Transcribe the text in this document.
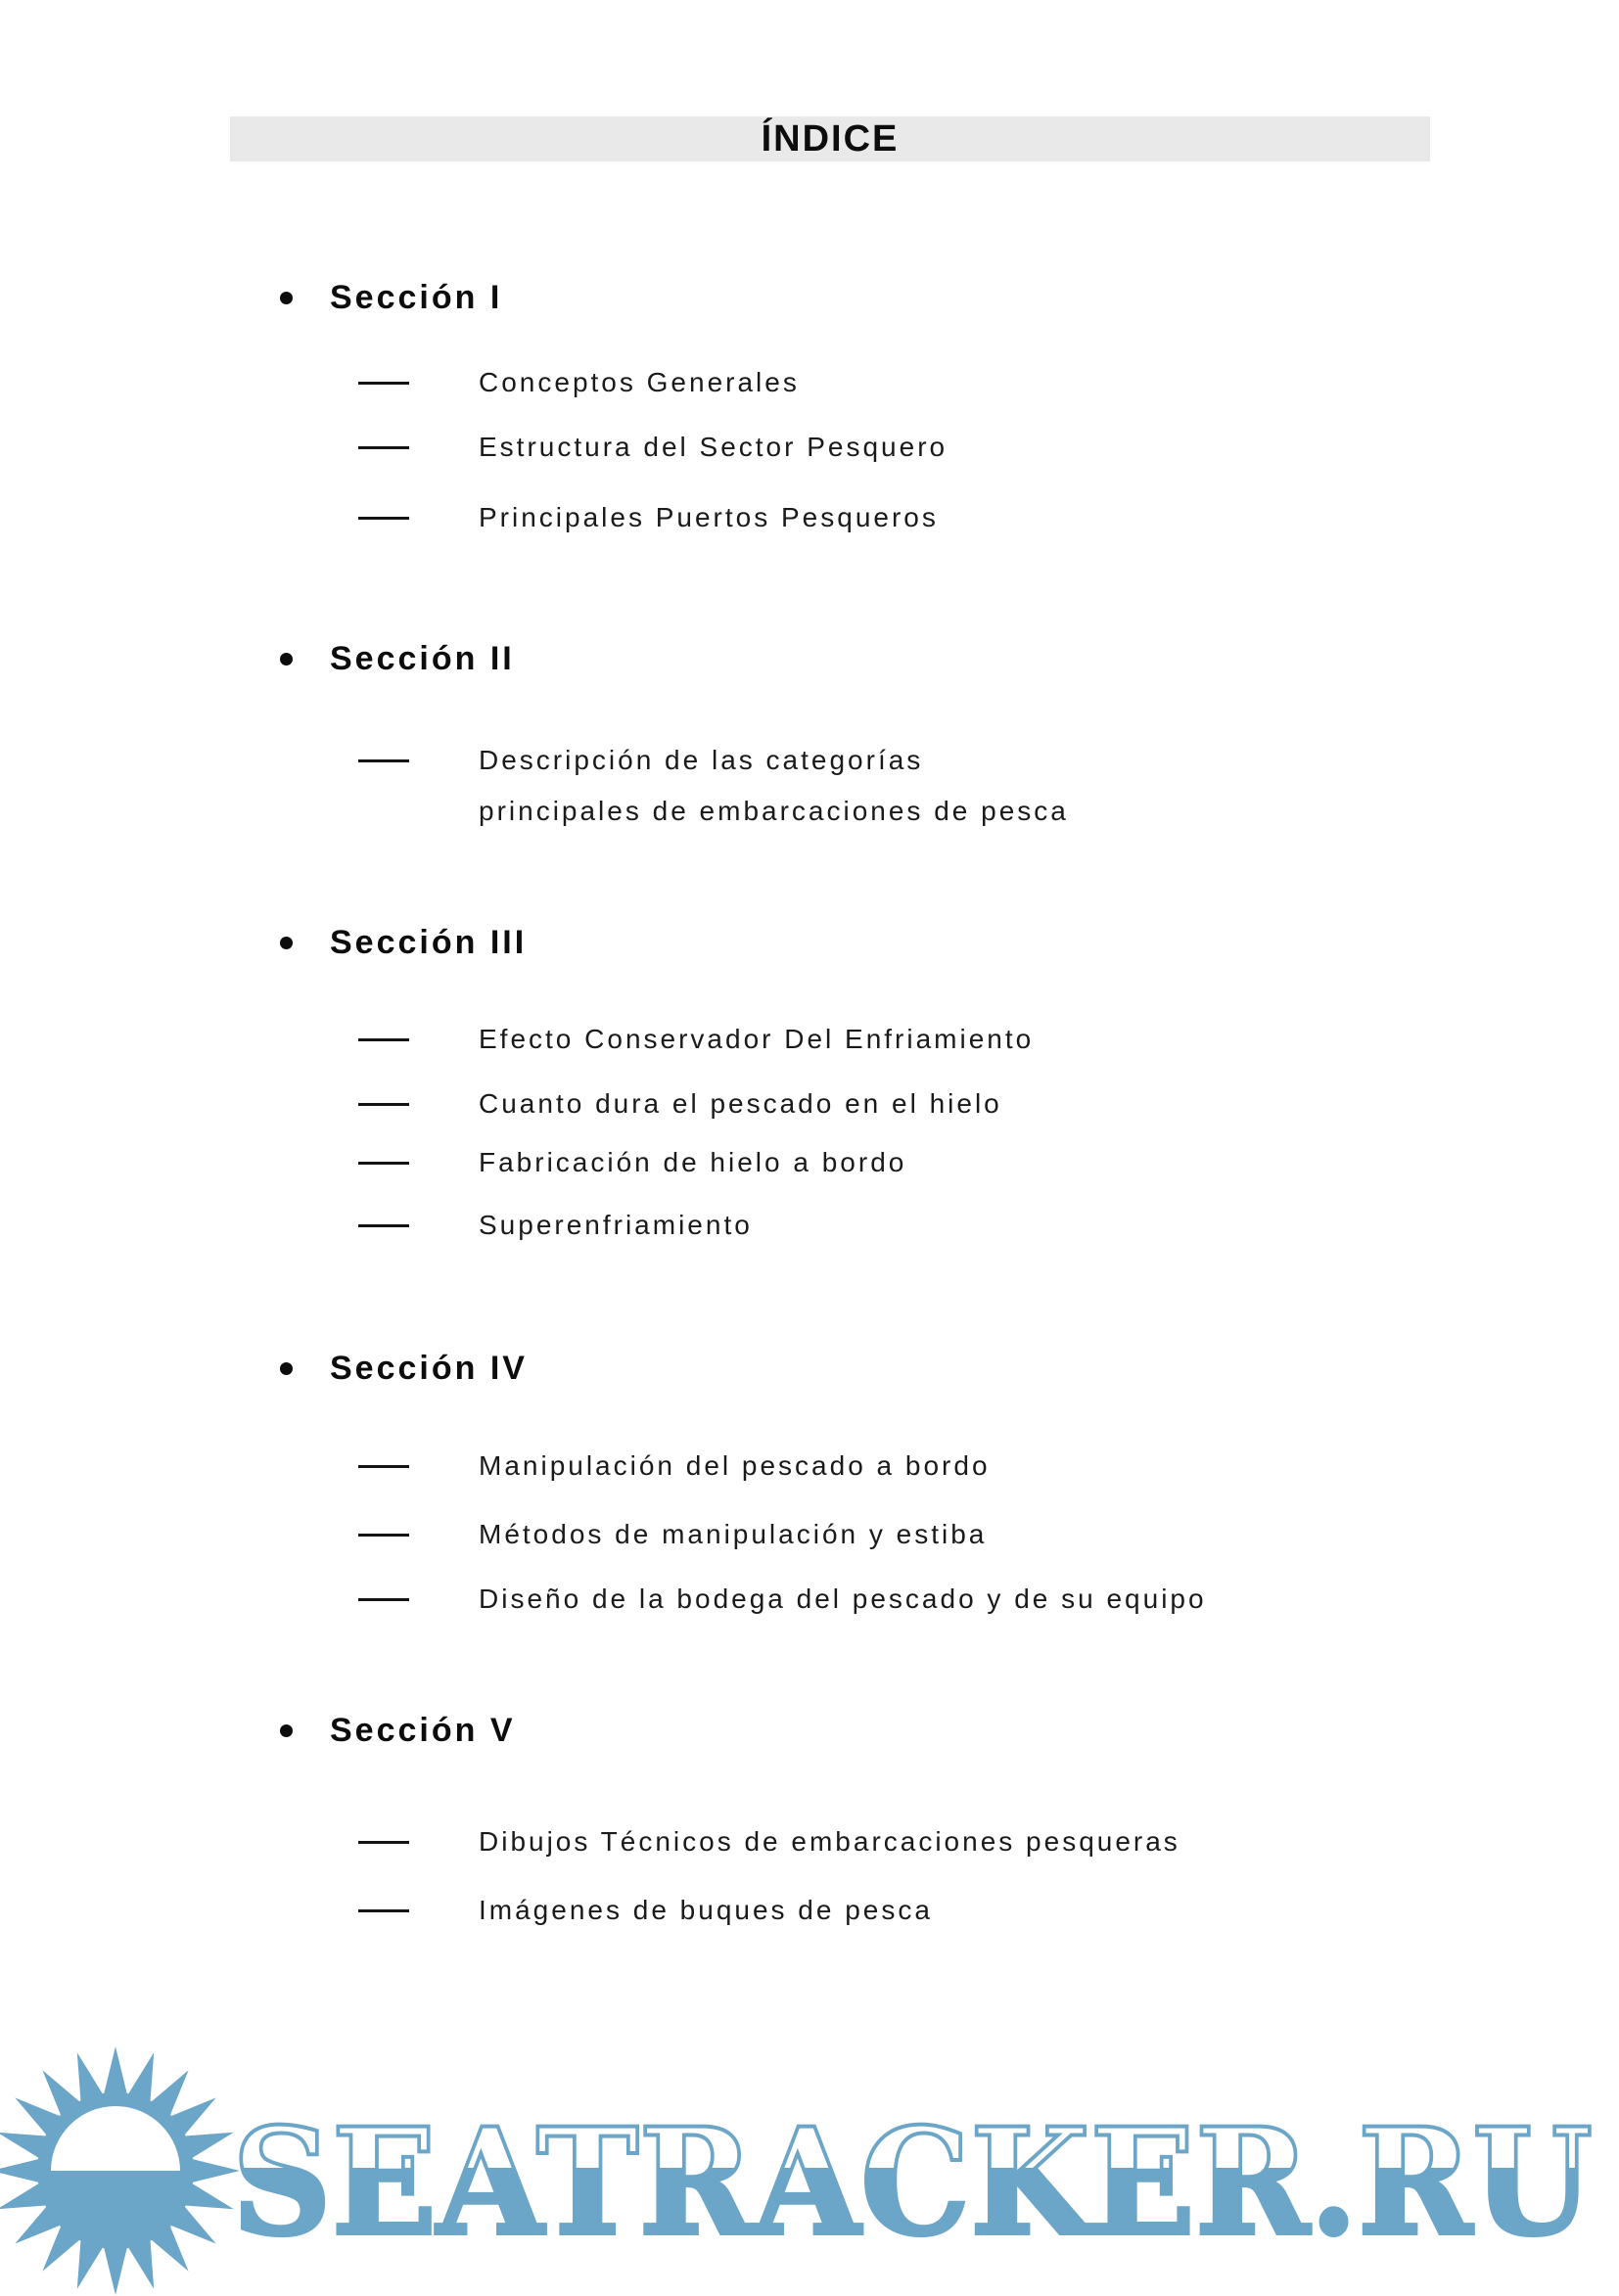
ÍNDICE
Sección I
Conceptos Generales
Estructura del Sector Pesquero
Principales Puertos Pesqueros
Sección II
Descripción de las categorías
principales de embarcaciones de pesca
Sección III
Efecto Conservador Del Enfriamiento
Cuanto dura el pescado en el hielo
Fabricación de hielo a bordo
Superenfriamiento
Sección IV
Manipulación del pescado a bordo
Métodos de manipulación y estiba
Diseño de la bodega del pescado y de su equipo
Sección V
Dibujos Técnicos de embarcaciones pesqueras
Imágenes de buques de pesca
SEATRACKER.RU
